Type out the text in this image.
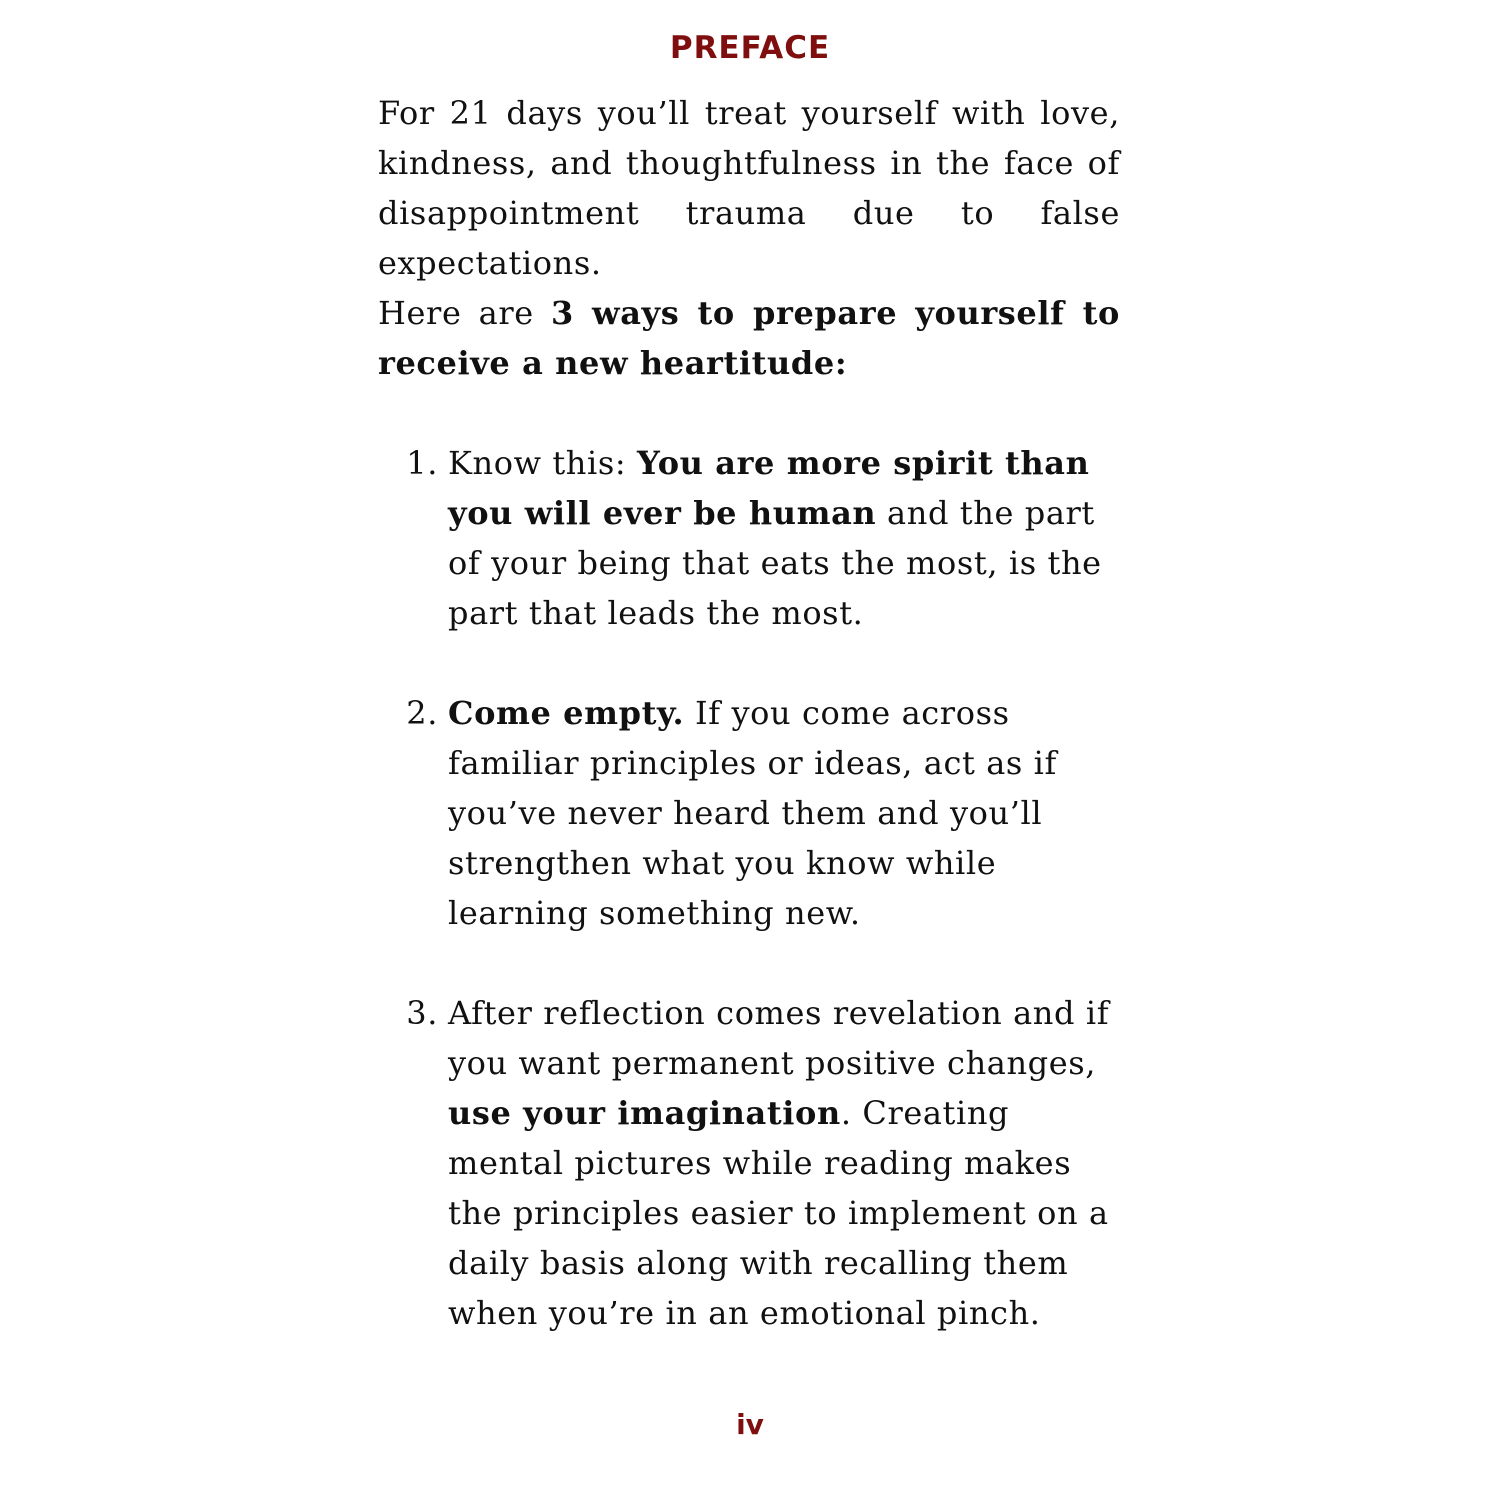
PREFACE

For 21 days you’ll treat yourself with love, kindness, and thoughtfulness in the face of disappointment trauma due to false expectations.
Here are 3 ways to prepare yourself to receive a new heartitude:

1. Know this: You are more spirit than you will ever be human and the part of your being that eats the most, is the part that leads the most.
2. Come empty. If you come across familiar principles or ideas, act as if you’ve never heard them and you’ll strengthen what you know while learning something new.
3. After reflection comes revelation and if you want permanent positive changes, use your imagination. Creating mental pictures while reading makes the principles easier to implement on a daily basis along with recalling them when you’re in an emotional pinch.
iv
